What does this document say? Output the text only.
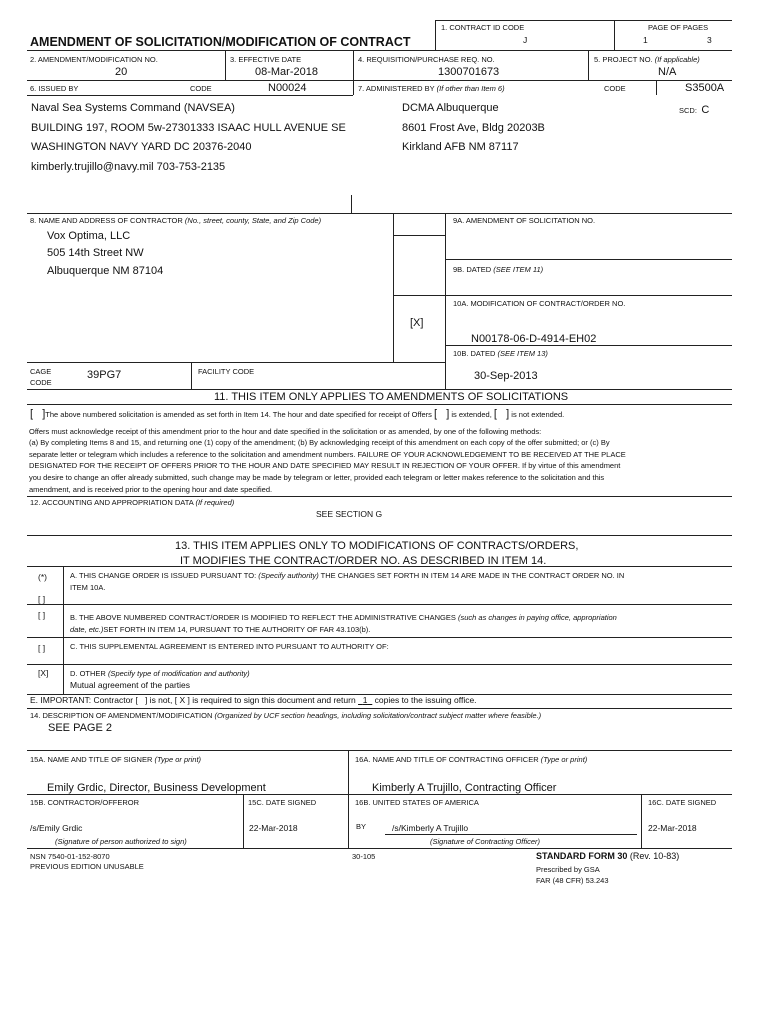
AMENDMENT OF SOLICITATION/MODIFICATION OF CONTRACT
1. CONTRACT ID CODE
J
PAGE OF PAGES
1	3
2. AMENDMENT/MODIFICATION NO.
20
3. EFFECTIVE DATE
08-Mar-2018
4. REQUISITION/PURCHASE REQ. NO.
1300701673
5. PROJECT NO. (If applicable)
N/A
6. ISSUED BY	CODE	N00024
Naval Sea Systems Command (NAVSEA)
BUILDING 197, ROOM 5w-27301333 ISAAC HULL AVENUE SE
WASHINGTON NAVY YARD DC 20376-2040
kimberly.trujillo@navy.mil 703-753-2135
7. ADMINISTERED BY (If other than Item 6)	CODE	S3500A
DCMA Albuquerque
8601 Frost Ave, Bldg 20203B
Kirkland AFB NM 87117
SCD: C
8. NAME AND ADDRESS OF CONTRACTOR (No., street, county, State, and Zip Code)
Vox Optima, LLC
505 14th Street NW
Albuquerque NM 87104
[X]
9A. AMENDMENT OF SOLICITATION NO.
9B. DATED (SEE ITEM 11)
10A. MODIFICATION OF CONTRACT/ORDER NO.
N00178-06-D-4914-EH02
10B. DATED (SEE ITEM 13)
30-Sep-2013
CAGE
CODE
39PG7	FACILITY CODE
11. THIS ITEM ONLY APPLIES TO AMENDMENTS OF SOLICITATIONS
[   ]The above numbered solicitation is amended as set forth in Item 14. The hour and date specified for receipt of Offers [   ] is extended, [   ] is not extended.
Offers must acknowledge receipt of this amendment prior to the hour and date specified in the solicitation or as amended, by one of the following methods:
(a) By completing Items 8 and 15, and returning one (1) copy of the amendment; (b) By acknowledging receipt of this amendment on each copy of the offer submitted; or (c) By
separate letter or telegram which includes a reference to the solicitation and amendment numbers. FAILURE OF YOUR ACKNOWLEDGEMENT TO BE RECEIVED AT THE PLACE
DESIGNATED FOR THE RECEIPT OF OFFERS PRIOR TO THE HOUR AND DATE SPECIFIED MAY RESULT IN REJECTION OF YOUR OFFER. If by virtue of this amendment
you desire to change an offer already submitted, such change may be made by telegram or letter, provided each telegram or letter makes reference to the solicitation and this
amendment, and is received prior to the opening hour and date specified.
12. ACCOUNTING AND APPROPRIATION DATA (If required)
SEE SECTION G
13. THIS ITEM APPLIES ONLY TO MODIFICATIONS OF CONTRACTS/ORDERS,
IT MODIFIES THE CONTRACT/ORDER NO. AS DESCRIBED IN ITEM 14.
(*)
[ ]
A. THIS CHANGE ORDER IS ISSUED PURSUANT TO: (Specify authority) THE CHANGES SET FORTH IN ITEM 14 ARE MADE IN THE CONTRACT ORDER NO. IN
ITEM 10A.
[ ]	B. THE ABOVE NUMBERED CONTRACT/ORDER IS MODIFIED TO REFLECT THE ADMINISTRATIVE CHANGES (such as changes in paying office, appropriation
date, etc.)SET FORTH IN ITEM 14, PURSUANT TO THE AUTHORITY OF FAR 43.103(b).
[ ]	C. THIS SUPPLEMENTAL AGREEMENT IS ENTERED INTO PURSUANT TO AUTHORITY OF:
[X]	D. OTHER (Specify type of modification and authority)
Mutual agreement of the parties
E. IMPORTANT: Contractor [ ] is not, [ X ] is required to sign this document and return 1 copies to the issuing office.
14. DESCRIPTION OF AMENDMENT/MODIFICATION (Organized by UCF section headings, including solicitation/contract subject matter where feasible.)
SEE PAGE 2
15A. NAME AND TITLE OF SIGNER (Type or print)
Emily Grdic, Director, Business Development
16A. NAME AND TITLE OF CONTRACTING OFFICER (Type or print)
Kimberly A Trujillo, Contracting Officer
15B. CONTRACTOR/OFFEROR	15C. DATE SIGNED	16B. UNITED STATES OF AMERICA	16C. DATE SIGNED
/s/Emily Grdic	22-Mar-2018	BY	/s/Kimberly A Trujillo	22-Mar-2018
(Signature of person authorized to sign)	(Signature of Contracting Officer)
NSN 7540-01-152-8070
PREVIOUS EDITION UNUSABLE
30-105	STANDARD FORM 30 (Rev. 10-83)
Prescribed by GSA
FAR (48 CFR) 53.243
